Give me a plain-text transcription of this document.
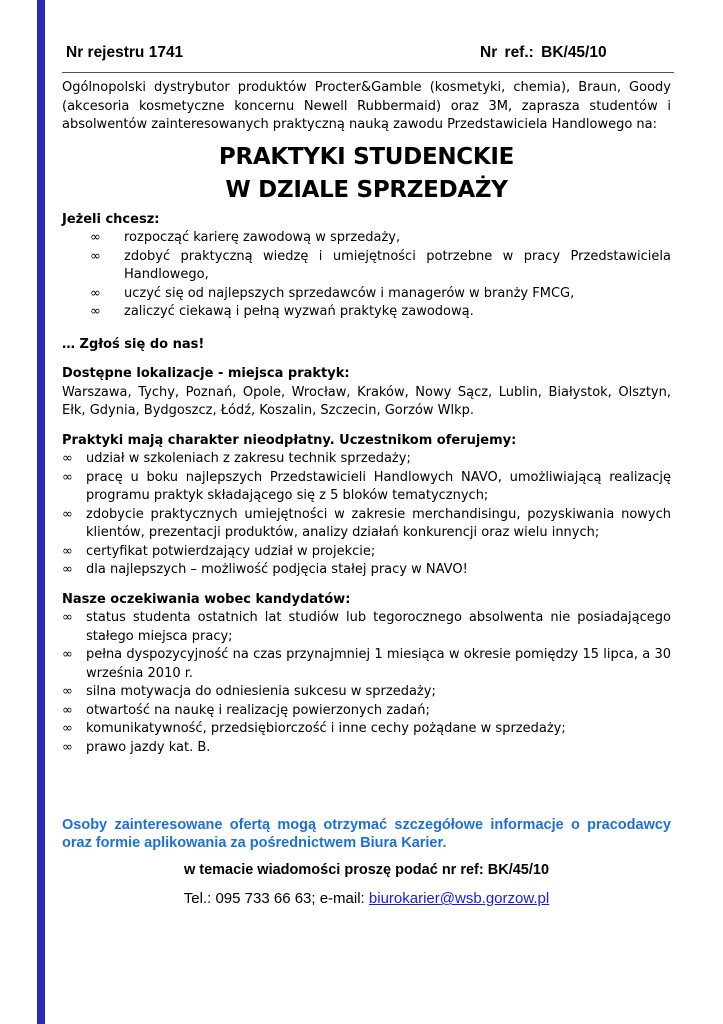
Nr rejestru 1741	Nr ref.: BK/45/10

Ogólnopolski dystrybutor produktów Procter&Gamble (kosmetyki, chemia), Braun, Goody (akcesoria kosmetyczne koncernu Newell Rubbermaid) oraz 3M, zaprasza studentów i absolwentów zainteresowanych praktyczną nauką zawodu Przedstawiciela Handlowego na:

PRAKTYKI STUDENCKIE
W DZIALE SPRZEDAŻY

Jeżeli chcesz:

∞ rozpocząć karierę zawodową w sprzedaży,
∞ zdobyć praktyczną wiedzę i umiejętności potrzebne w pracy Przedstawiciela Handlowego,
∞ uczyć się od najlepszych sprzedawców i managerów w branży FMCG,
∞ zaliczyć ciekawą i pełną wyzwań praktykę zawodową.

… Zgłoś się do nas!

Dostępne lokalizacje - miejsca praktyk:

Warszawa, Tychy, Poznań, Opole, Wrocław, Kraków, Nowy Sącz, Lublin, Białystok, Olsztyn, Ełk, Gdynia, Bydgoszcz, Łódź, Koszalin, Szczecin, Gorzów Wlkp.

Praktyki mają charakter nieodpłatny. Uczestnikom oferujemy:

∞ udział w szkoleniach z zakresu technik sprzedaży;
∞ pracę u boku najlepszych Przedstawicieli Handlowych NAVO, umożliwiającą realizację programu praktyk składającego się z 5 bloków tematycznych;
∞ zdobycie praktycznych umiejętności w zakresie merchandisingu, pozyskiwania nowych klientów, prezentacji produktów, analizy działań konkurencji oraz wielu innych;
∞ certyfikat potwierdzający udział w projekcie;
∞ dla najlepszych – możliwość podjęcia stałej pracy w NAVO!

Nasze oczekiwania wobec kandydatów:

∞ status studenta ostatnich lat studiów lub tegorocznego absolwenta nie posiadającego stałego miejsca pracy;
∞ pełna dyspozycyjność na czas przynajmniej 1 miesiąca w okresie pomiędzy 15 lipca, a 30 września 2010 r.
∞ silna motywacja do odniesienia sukcesu w sprzedaży;
∞ otwartość na naukę i realizację powierzonych zadań;
∞ komunikatywność, przedsiębiorczość i inne cechy pożądane w sprzedaży;
∞ prawo jazdy kat. B.

Osoby zainteresowane ofertą mogą otrzymać szczegółowe informacje o pracodawcy oraz formie aplikowania za pośrednictwem Biura Karier.

w temacie wiadomości proszę podać nr ref: BK/45/10

Tel.: 095 733 66 63; e-mail: biurokarier@wsb.gorzow.pl
